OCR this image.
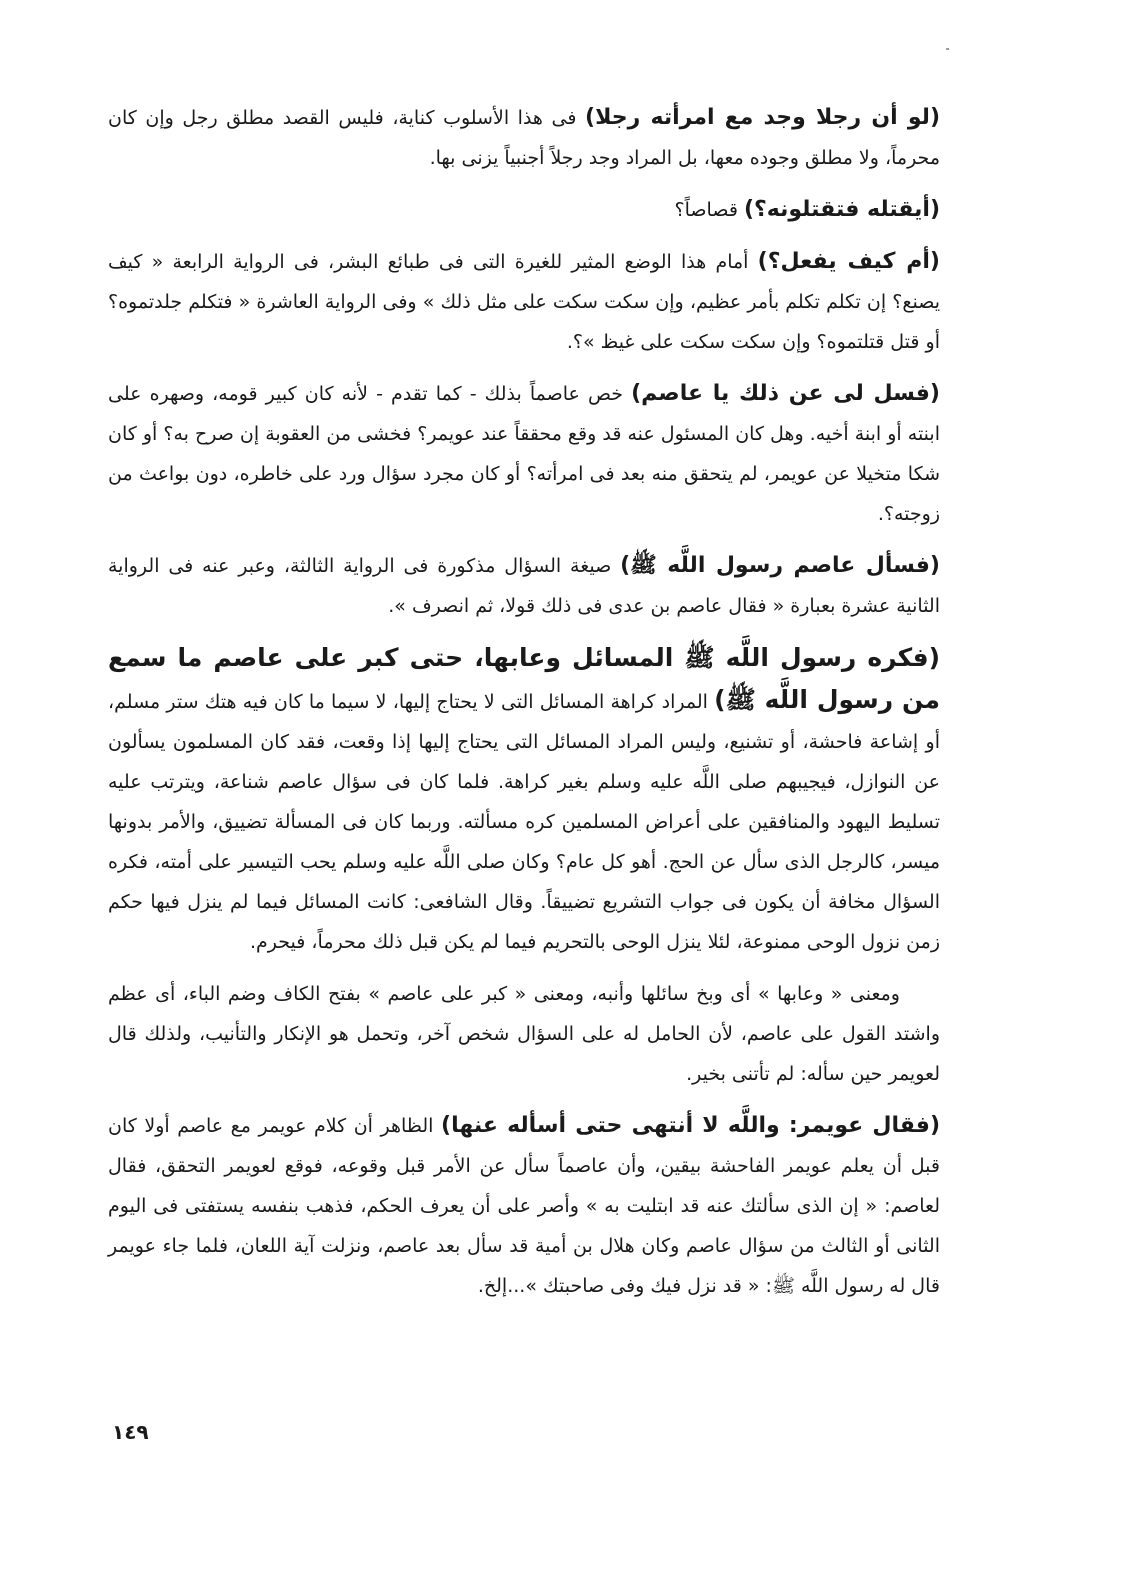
(لو أن رجلا وجد مع امرأته رجلا) فى هذا الأسلوب كناية، فليس القصد مطلق رجل وإن كان محرماً، ولا مطلق وجوده معها، بل المراد وجد رجلاً أجنبياً يزنى بها.

(أيقتله فتقتلونه؟) قصاصاً؟

(أم كيف يفعل؟) أمام هذا الوضع المثير للغيرة التى فى طبائع البشر، فى الرواية الرابعة « كيف يصنع؟ إن تكلم تكلم بأمر عظيم، وإن سكت سكت على مثل ذلك » وفى الرواية العاشرة « فتكلم جلدتموه؟ أو قتل قتلتموه؟ وإن سكت سكت على غيظ »؟.

(فسل لى عن ذلك يا عاصم) خص عاصماً بذلك - كما تقدم - لأنه كان كبير قومه، وصهره على ابنته أو ابنة أخيه. وهل كان المسئول عنه قد وقع محققاً عند عويمر؟ فخشى من العقوبة إن صرح به؟ أو كان شكا متخيلا عن عويمر، لم يتحقق منه بعد فى امرأته؟ أو كان مجرد سؤال ورد على خاطره، دون بواعث من زوجته؟.

(فسأل عاصم رسول اللَّه ﷺ) صيغة السؤال مذكورة فى الرواية الثالثة، وعبر عنه فى الرواية الثانية عشرة بعبارة « فقال عاصم بن عدى فى ذلك قولا، ثم انصرف ».

(فكره رسول اللَّه ﷺ المسائل وعابها، حتى كبر على عاصم ما سمع من رسول اللَّه ﷺ) المراد كراهة المسائل التى لا يحتاج إليها، لا سيما ما كان فيه هتك ستر مسلم، أو إشاعة فاحشة، أو تشنيع، وليس المراد المسائل التى يحتاج إليها إذا وقعت، فقد كان المسلمون يسألون عن النوازل، فيجيبهم صلى اللَّه عليه وسلم بغير كراهة. فلما كان فى سؤال عاصم شناعة، ويترتب عليه تسليط اليهود والمنافقين على أعراض المسلمين كره مسألته. وربما كان فى المسألة تضييق، والأمر بدونها ميسر، كالرجل الذى سأل عن الحج. أهو كل عام؟ وكان صلى اللَّه عليه وسلم يحب التيسير على أمته، فكره السؤال مخافة أن يكون فى جواب التشريع تضييقاً. وقال الشافعى: كانت المسائل فيما لم ينزل فيها حكم زمن نزول الوحى ممنوعة، لئلا ينزل الوحى بالتحريم فيما لم يكن قبل ذلك محرماً، فيحرم.

ومعنى « وعابها » أى وبخ سائلها وأنبه، ومعنى « كبر على عاصم » بفتح الكاف وضم الباء، أى عظم واشتد القول على عاصم، لأن الحامل له على السؤال شخص آخر، وتحمل هو الإنكار والتأنيب، ولذلك قال لعويمر حين سأله: لم تأتنى بخير.

(فقال عويمر: واللَّه لا أنتهى حتى أسأله عنها) الظاهر أن كلام عويمر مع عاصم أولا كان قبل أن يعلم عويمر الفاحشة بيقين، وأن عاصماً سأل عن الأمر قبل وقوعه، فوقع لعويمر التحقق، فقال لعاصم: « إن الذى سألتك عنه قد ابتليت به » وأصر على أن يعرف الحكم، فذهب بنفسه يستفتى فى اليوم الثانى أو الثالث من سؤال عاصم وكان هلال بن أمية قد سأل بعد عاصم، ونزلت آية اللعان، فلما جاء عويمر قال له رسول اللَّه ﷺ: « قد نزل فيك وفى صاحبتك »...إلخ.

١٤٩
